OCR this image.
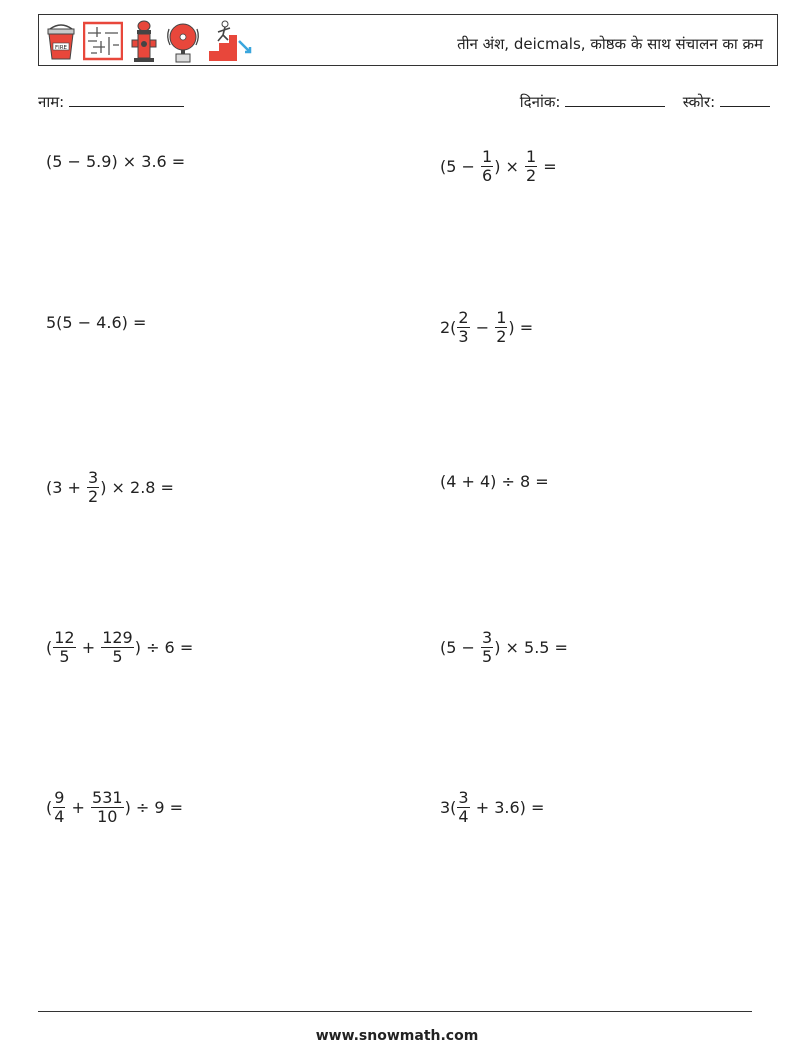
FIRE	तीन अंश, deicmals, कोष्ठक के साथ संचालन का क्रम
नाम:	दिनांक:	स्कोर:
(5 − 5.9) × 3.6 =	($5 - \frac{1}{6}$ ) × $\frac{1}{2}$ =
5(5 − 4.6) =	$2( \frac{2}{3} - \frac{1}{2}$ ) =
($3 + \frac{3}{2}$ ) × 2.8 =	(4 + 4) ÷ 8 =
( $\frac{12}{5} + \frac{129}{5}$ ) ÷ 6 =	($5 - \frac{3}{5}$ ) × 5.5 =
( $\frac{9}{4} + \frac{531}{10}$ ) ÷ 9 =	$3( \frac{3}{4} + 3.6)$ =
www.snowmath.com
